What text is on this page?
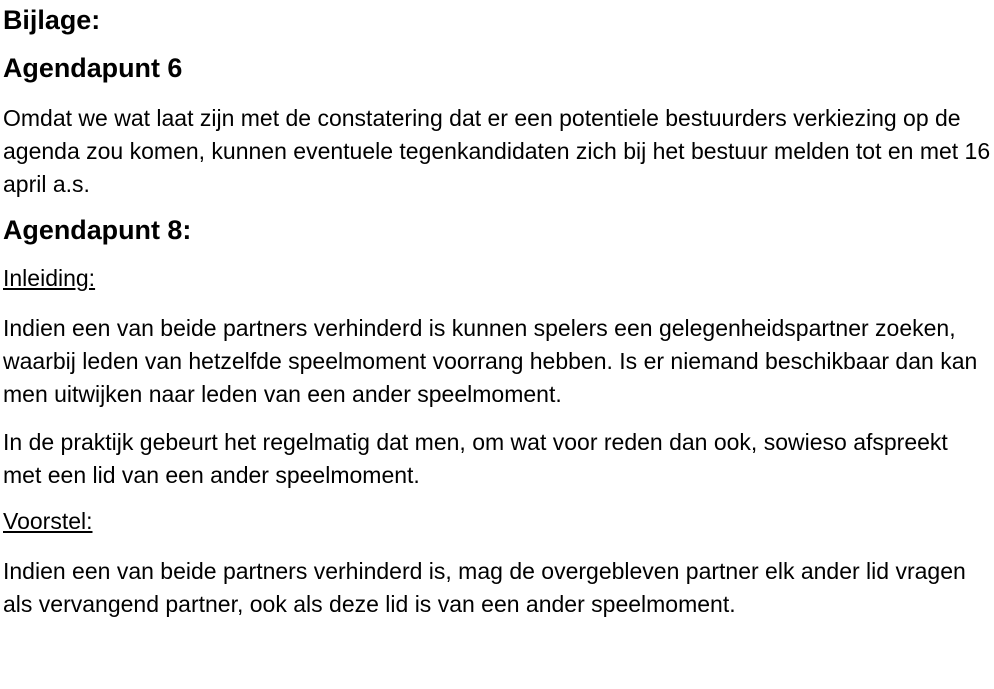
Bijlage:
Agendapunt 6

Omdat we wat laat zijn met de constatering dat er een potentiele bestuurders verkiezing op de agenda zou komen, kunnen eventuele tegenkandidaten zich bij het bestuur melden tot en met 16 april a.s.

Agendapunt 8:

Inleiding:

Indien een van beide partners verhinderd is kunnen spelers een gelegenheidspartner zoeken, waarbij leden van hetzelfde speelmoment voorrang hebben. Is er niemand beschikbaar dan kan men uitwijken naar leden van een ander speelmoment.

In de praktijk gebeurt het regelmatig dat men, om wat voor reden dan ook, sowieso afspreekt met een lid van een ander speelmoment.

Voorstel:

Indien een van beide partners verhinderd is, mag de overgebleven partner elk ander lid vragen als vervangend partner, ook als deze lid is van een ander speelmoment.
